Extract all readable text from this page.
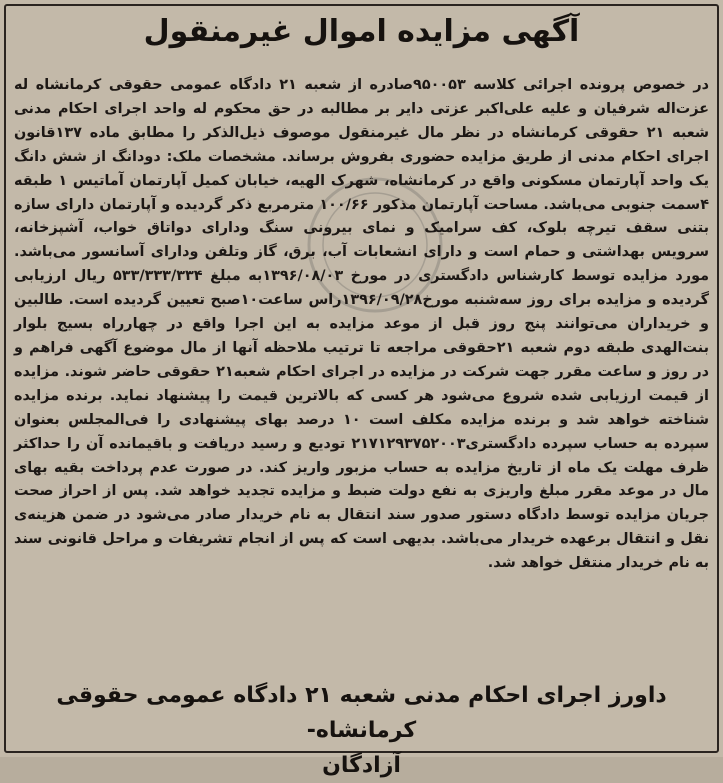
آگهی مزایده اموال غیرمنقول
در خصوص پرونده اجرائی کلاسه ۹۵۰۰۵۳صادره از شعبه ۲۱ دادگاه عمومی حقوقی کرمانشاه له عزت‌اله شرفیان و علیه علی‌اکبر عزتی دایر بر مطالبه در حق محکوم له واحد اجرای احکام مدنی شعبه ۲۱ حقوقی کرمانشاه در نظر مال غیرمنقول موصوف ذیل‌الذکر را مطابق ماده ۱۳۷قانون اجرای احکام مدنی از طریق مزایده حضوری بفروش برساند. مشخصات ملک: دودانگ از شش دانگ یک واحد آپارتمان مسکونی واقع در کرمانشاه، شهرک الهیه، خیابان کمیل آپارتمان آماتیس ۱ طبقه ۴سمت جنوبی می‌باشد. مساحت آپارتمان مذکور ۱۰۰/۶۶ مترمربع ذکر گردیده و آپارتمان دارای سازه بتنی سقف تیرچه بلوک، کف سرامیک و نمای بیرونی سنگ ودارای دواتاق خواب، آشپزخانه، سرویس بهداشتی و حمام است و دارای انشعابات آب، برق، گاز وتلفن ودارای آسانسور می‌باشد. مورد مزایده توسط کارشناس دادگستری در مورخ ۱۳۹۶/۰۸/۰۳به مبلغ ۵۳۳/۳۳۳/۳۳۴ ریال ارزیابی گردیده و مزایده برای روز سه‌شنبه مورخ۱۳۹۶/۰۹/۲۸راس ساعت۱۰صبح تعیین گردیده است. طالبین و خریداران می‌توانند پنج روز قبل از موعد مزایده به این اجرا واقع در چهارراه بسیج بلوار بنت‌الهدی طبقه دوم شعبه ۲۱حقوقی مراجعه تا ترتیب ملاحظه آنها از مال موضوع آگهی فراهم و در روز و ساعت مقرر جهت شرکت در مزایده در اجرای احکام شعبه۲۱ حقوقی حاضر شوند. مزایده از قیمت ارزیابی شده شروع می‌شود هر کسی که بالاترین قیمت را پیشنهاد نماید. برنده مزایده شناخته خواهد شد و برنده مزایده مکلف است ۱۰ درصد بهای پیشنهادی را فی‌المجلس بعنوان سپرده به حساب سپرده دادگستری۲۱۷۱۲۹۳۷۵۲۰۰۳ تودیع و رسید دریافت و باقیمانده آن را حداکثر ظرف مهلت یک ماه از تاریخ مزایده به حساب مزبور واریز کند. در صورت عدم پرداخت بقیه بهای مال در موعد مقرر مبلغ واریزی به نفع دولت ضبط و مزایده تجدید خواهد شد. پس از احراز صحت جریان مزایده توسط دادگاه دستور صدور سند انتقال به نام خریدار صادر می‌شود در ضمن هزینه‌ی نقل و انتقال برعهده خریدار می‌باشد. بدیهی است که پس از انجام تشریفات و مراحل قانونی سند به نام خریدار منتقل خواهد شد.
داورز اجرای احکام مدنی شعبه ۲۱ دادگاه عمومی حقوقی کرمانشاه-
آزادگان
